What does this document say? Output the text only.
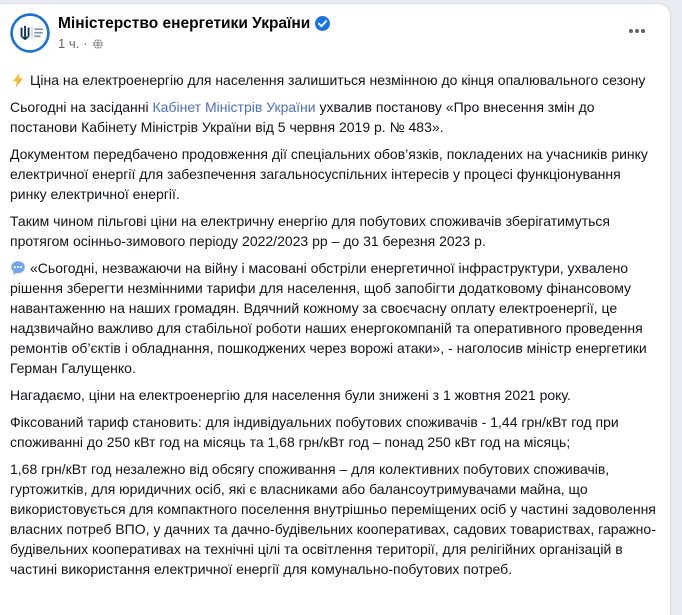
Міністерство енергетики України
1 ч. ·

Ціна на електроенергію для населення залишиться незмінною до кінця опалювального сезону

Сьогодні на засіданні Кабінет Міністрів України ухвалив постанову «Про внесення змін до постанови Кабінету Міністрів України від 5 червня 2019 р. № 483».

Документом передбачено продовження дії спеціальних обов’язків, покладених на учасників ринку електричної енергії для забезпечення загальносуспільних інтересів у процесі функціонування ринку електричної енергії.

Таким чином пільгові ціни на електричну енергію для побутових споживачів зберігатимуться протягом осінньо-зимового періоду 2022/2023 рр – до 31 березня 2023 р.

«Сьогодні, незважаючи на війну і масовані обстріли енергетичної інфраструктури, ухвалено рішення зберегти незмінними тарифи для населення, щоб запобігти додатковому фінансовому навантаженню на наших громадян. Вдячний кожному за своєчасну оплату електроенергії, це надзвичайно важливо для стабільної роботи наших енергокомпаній та оперативного проведення ремонтів об’єктів і обладнання, пошкоджених через ворожі атаки», - наголосив міністр енергетики Герман Галущенко.

Нагадаємо, ціни на електроенергію для населення були знижені з 1 жовтня 2021 року.

Фіксований тариф становить: для індивідуальних побутових споживачів - 1,44 грн/кВт год при споживанні до 250 кВт год на місяць та 1,68 грн/кВт год – понад 250 кВт год на місяць;

1,68 грн/кВт год незалежно від обсягу споживання – для колективних побутових споживачів, гуртожитків, для юридичних осіб, які є власниками або балансоутримувачами майна, що використовується для компактного поселення внутрішньо переміщених осіб у частині задоволення власних потреб ВПО, у дачних та дачно-будівельних кооперативах, садових товариствах, гаражно-будівельних кооперативах на технічні цілі та освітлення території, для релігійних організацій в частині використання електричної енергії для комунально-побутових потреб.
